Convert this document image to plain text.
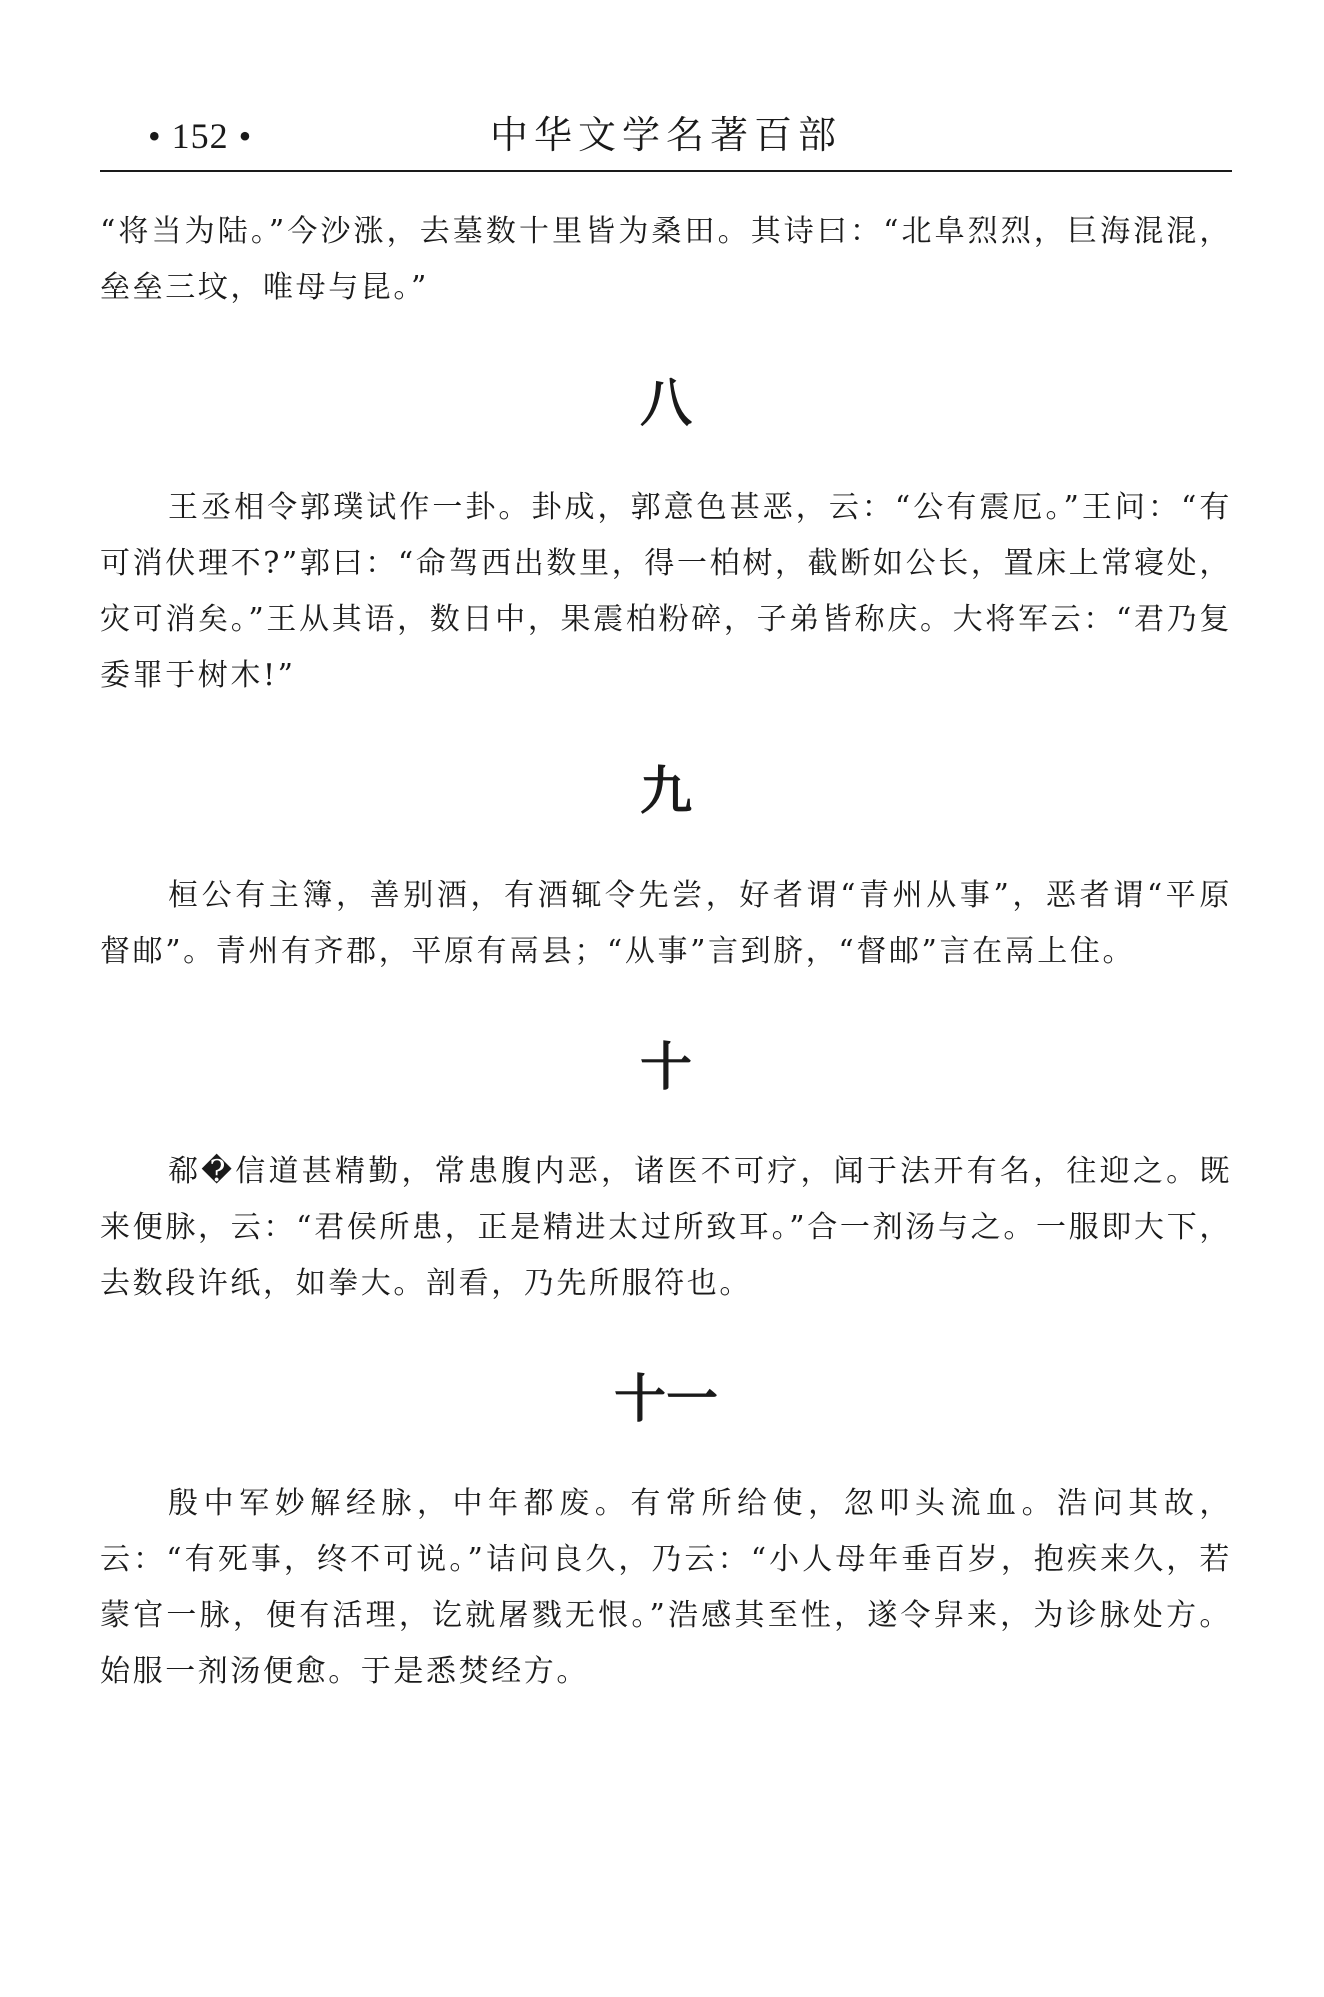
• 152 •	中华文学名著百部

“将当为陆。”今沙涨，去墓数十里皆为桑田。其诗曰：“北阜烈烈，巨海混混，垒垒三坟，唯母与昆。”

八

王丞相令郭璞试作一卦。卦成，郭意色甚恶，云：“公有震厄。”王问：“有可消伏理不?”郭曰：“命驾西出数里，得一柏树，截断如公长，置床上常寝处，灾可消矣。”王从其语，数日中，果震柏粉碎，子弟皆称庆。大将军云：“君乃复委罪于树木!”

九

桓公有主簿，善别酒，有酒辄令先尝，好者谓“青州从事”，恶者谓“平原督邮”。青州有齐郡，平原有鬲县；“从事”言到脐，“督邮”言在鬲上住。

十

郗�信道甚精勤，常患腹内恶，诸医不可疗，闻于法开有名，往迎之。既来便脉，云：“君侯所患，正是精进太过所致耳。”合一剂汤与之。一服即大下，去数段许纸，如拳大。剖看，乃先所服符也。

十一

殷中军妙解经脉，中年都废。有常所给使，忽叩头流血。浩问其故，云：“有死事，终不可说。”诘问良久，乃云：“小人母年垂百岁，抱疾来久，若蒙官一脉，便有活理，讫就屠戮无恨。”浩感其至性，遂令舁来，为诊脉处方。始服一剂汤便愈。于是悉焚经方。
